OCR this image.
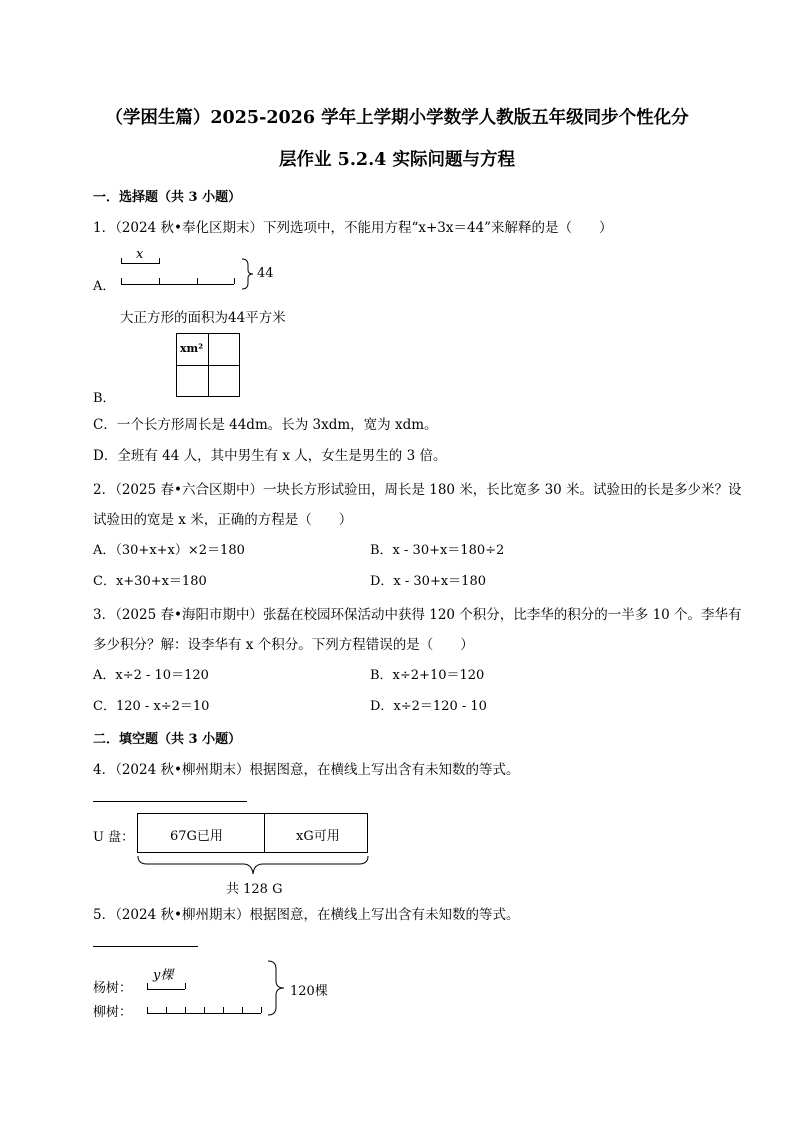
（学困生篇）2025-2026 学年上学期小学数学人教版五年级同步个性化分
层作业 5.2.4 实际问题与方程
一．选择题（共 3 小题）
1．（2024 秋•奉化区期末）下列选项中，不能用方程“x+3x＝44”来解释的是（　　）
A．
x
44
大正方形的面积为44平方米
xm²
B．
C．一个长方形周长是 44dm。长为 3xdm，宽为 xdm。
D．全班有 44 人，其中男生有 x 人，女生是男生的 3 倍。
2．（2025 春•六合区期中）一块长方形试验田，周长是 180 米，长比宽多 30 米。试验田的长是多少米？设
试验田的宽是 x 米，正确的方程是（　　）
A．（30+x+x）×2＝180	B．x - 30+x＝180÷2
C．x+30+x＝180	D．x - 30+x＝180
3．（2025 春•海阳市期中）张磊在校园环保活动中获得 120 个积分，比李华的积分的一半多 10 个。李华有
多少积分？解：设李华有 x 个积分。下列方程错误的是（　　）
A．x÷2 - 10＝120	B．x÷2+10＝120
C．120 - x÷2＝10	D．x÷2＝120 - 10
二．填空题（共 3 小题）
4．（2024 秋•柳州期末）根据图意，在横线上写出含有未知数的等式。
U 盘：	67G已用	xG可用
共 128 G
5．（2024 秋•柳州期末）根据图意，在横线上写出含有未知数的等式。
杨树：
柳树：
y棵
120棵
